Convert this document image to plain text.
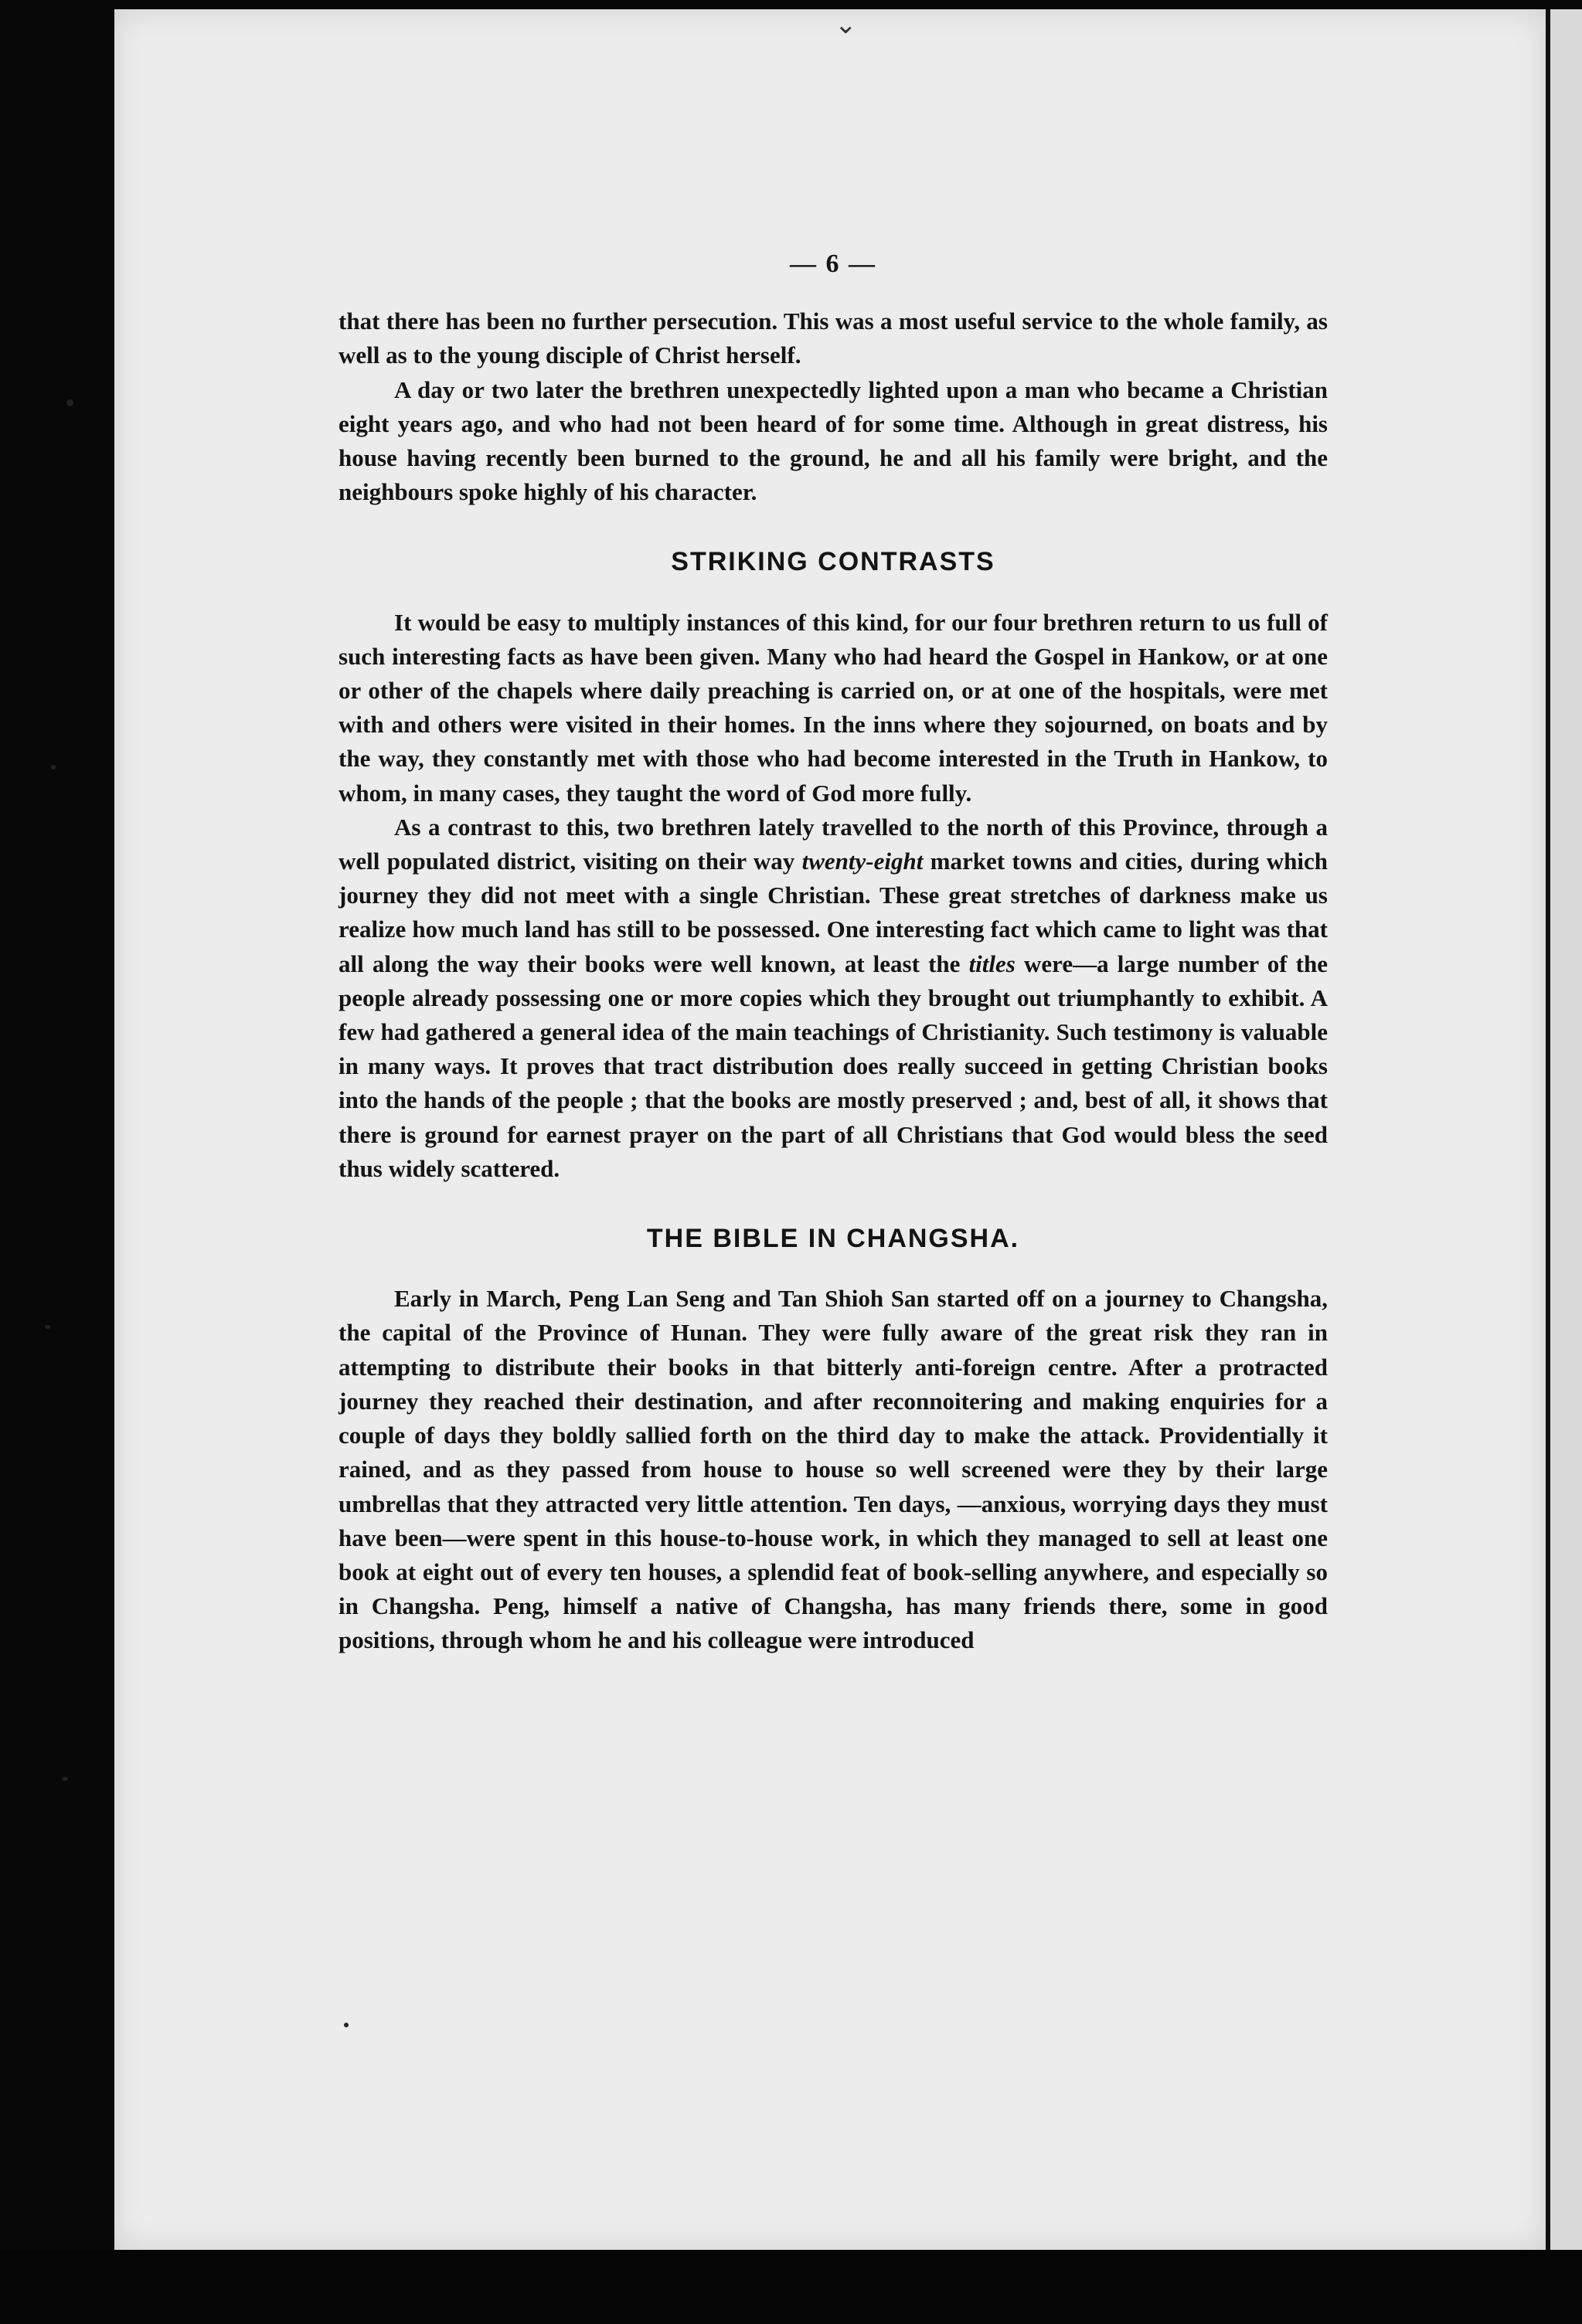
⌄
— 6 —

that there has been no further persecution. This was a most useful service to the whole family, as well as to the young disciple of Christ herself.

A day or two later the brethren unexpectedly lighted upon a man who became a Christian eight years ago, and who had not been heard of for some time. Although in great distress, his house having recently been burned to the ground, he and all his family were bright, and the neighbours spoke highly of his character.

STRIKING CONTRASTS

It would be easy to multiply instances of this kind, for our four brethren return to us full of such interesting facts as have been given. Many who had heard the Gospel in Hankow, or at one or other of the chapels where daily preaching is carried on, or at one of the hospitals, were met with and others were visited in their homes. In the inns where they sojourned, on boats and by the way, they constantly met with those who had become interested in the Truth in Hankow, to whom, in many cases, they taught the word of God more fully.

As a contrast to this, two brethren lately travelled to the north of this Province, through a well populated district, visiting on their way twenty-eight market towns and cities, during which journey they did not meet with a single Christian. These great stretches of darkness make us realize how much land has still to be possessed. One interesting fact which came to light was that all along the way their books were well known, at least the titles were—a large number of the people already possessing one or more copies which they brought out triumphantly to exhibit. A few had gathered a general idea of the main teachings of Christianity. Such testimony is valuable in many ways. It proves that tract distribution does really succeed in getting Christian books into the hands of the people ; that the books are mostly preserved ; and, best of all, it shows that there is ground for earnest prayer on the part of all Christians that God would bless the seed thus widely scattered.

THE BIBLE IN CHANGSHA.

Early in March, Peng Lan Seng and Tan Shioh San started off on a journey to Changsha, the capital of the Province of Hunan. They were fully aware of the great risk they ran in attempting to distribute their books in that bitterly anti-foreign centre. After a protracted journey they reached their destination, and after reconnoitering and making enquiries for a couple of days they boldly sallied forth on the third day to make the attack. Providentially it rained, and as they passed from house to house so well screened were they by their large umbrellas that they attracted very little attention. Ten days, —anxious, worrying days they must have been—were spent in this house-to-house work, in which they managed to sell at least one book at eight out of every ten houses, a splendid feat of book-selling anywhere, and especially so in Changsha. Peng, himself a native of Changsha, has many friends there, some in good positions, through whom he and his colleague were introduced
